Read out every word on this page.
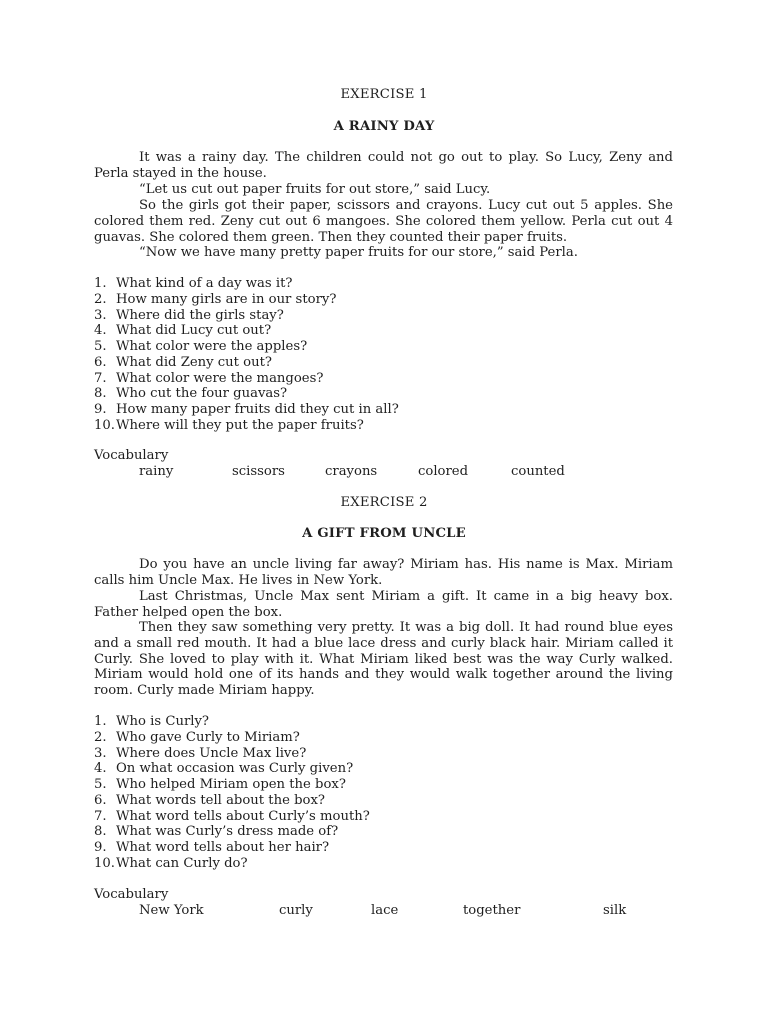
EXERCISE 1
A RAINY DAY

It was a rainy day. The children could not go out to play. So Lucy, Zeny and Perla stayed in the house.

“Let us cut out paper fruits for out store,” said Lucy.

So the girls got their paper, scissors and crayons. Lucy cut out 5 apples. She colored them red. Zeny cut out 6 mangoes. She colored them yellow. Perla cut out 4 guavas. She colored them green. Then they counted their paper fruits.

“Now we have many pretty paper fruits for our store,” said Perla.

1. What kind of a day was it?
2. How many girls are in our story?
3. Where did the girls stay?
4. What did Lucy cut out?
5. What color were the apples?
6. What did Zeny cut out?
7. What color were the mangoes?
8. Who cut the four guavas?
9. How many paper fruits did they cut in all?
10. Where will they put the paper fruits?
Vocabulary
rainy	scissors	crayons	colored	counted
EXERCISE 2
A GIFT FROM UNCLE

Do you have an uncle living far away? Miriam has. His name is Max. Miriam calls him Uncle Max. He lives in New York.

Last Christmas, Uncle Max sent Miriam a gift. It came in a big heavy box. Father helped open the box.

Then they saw something very pretty. It was a big doll. It had round blue eyes and a small red mouth. It had a blue lace dress and curly black hair. Miriam called it Curly. She loved to play with it. What Miriam liked best was the way Curly walked. Miriam would hold one of its hands and they would walk together around the living room. Curly made Miriam happy.

1. Who is Curly?
2. Who gave Curly to Miriam?
3. Where does Uncle Max live?
4. On what occasion was Curly given?
5. Who helped Miriam open the box?
6. What words tell about the box?
7. What word tells about Curly’s mouth?
8. What was Curly’s dress made of?
9. What word tells about her hair?
10. What can Curly do?
Vocabulary
New York	curly	lace	together	silk
